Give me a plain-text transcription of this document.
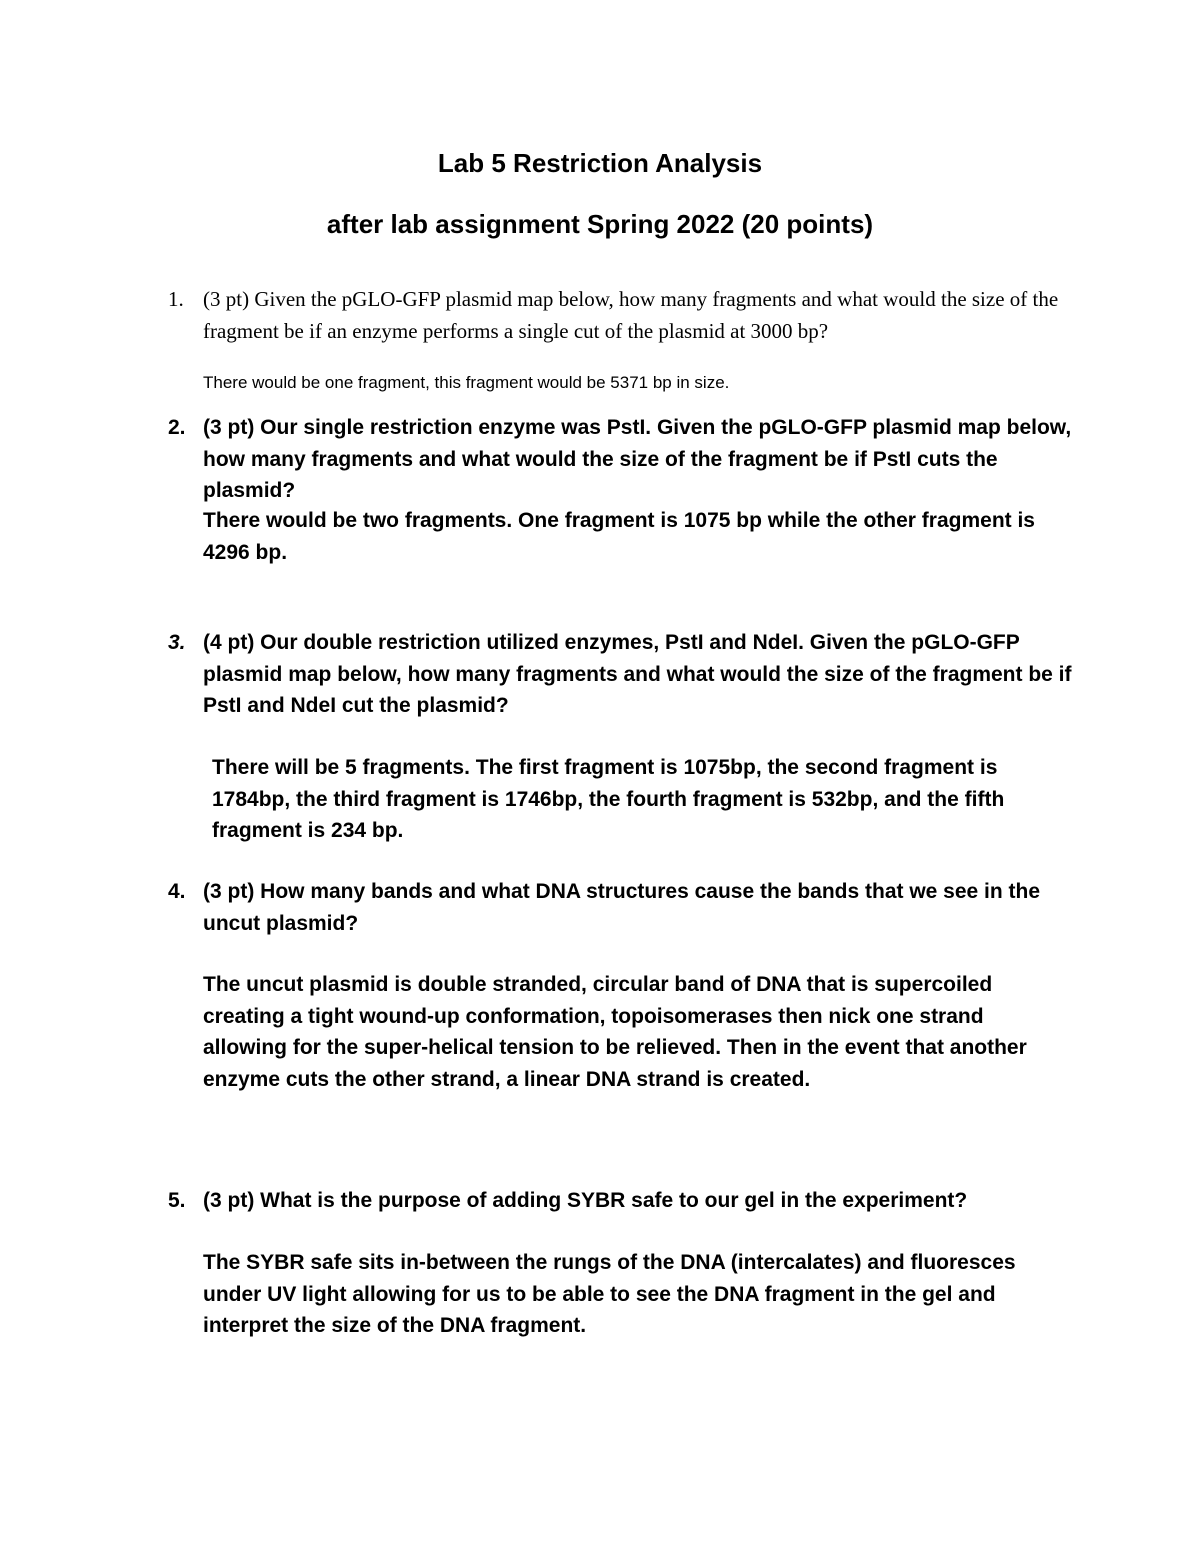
Lab 5 Restriction Analysis
after lab assignment Spring 2022 (20 points)
1. (3 pt) Given the pGLO-GFP plasmid map below, how many fragments and what would the size of the fragment be if an enzyme performs a single cut of the plasmid at 3000 bp?
There would be one fragment, this fragment would be 5371 bp in size.
2. (3 pt) Our single restriction enzyme was PstI. Given the pGLO-GFP plasmid map below, how many fragments and what would the size of the fragment be if PstI cuts the plasmid?
There would be two fragments. One fragment is 1075 bp while the other fragment is 4296 bp.
3. (4 pt) Our double restriction utilized enzymes, PstI and NdeI. Given the pGLO-GFP plasmid map below, how many fragments and what would the size of the fragment be if PstI and NdeI cut the plasmid?
There will be 5 fragments. The first fragment is 1075bp, the second fragment is 1784bp, the third fragment is 1746bp, the fourth fragment is 532bp, and the fifth fragment is 234 bp.
4. (3 pt) How many bands and what DNA structures cause the bands that we see in the uncut plasmid?
The uncut plasmid is double stranded, circular band of DNA that is supercoiled creating a tight wound-up conformation, topoisomerases then nick one strand allowing for the super-helical tension to be relieved. Then in the event that another enzyme cuts the other strand, a linear DNA strand is created.
5. (3 pt) What is the purpose of adding SYBR safe to our gel in the experiment?
The SYBR safe sits in-between the rungs of the DNA (intercalates) and fluoresces under UV light allowing for us to be able to see the DNA fragment in the gel and interpret the size of the DNA fragment.
